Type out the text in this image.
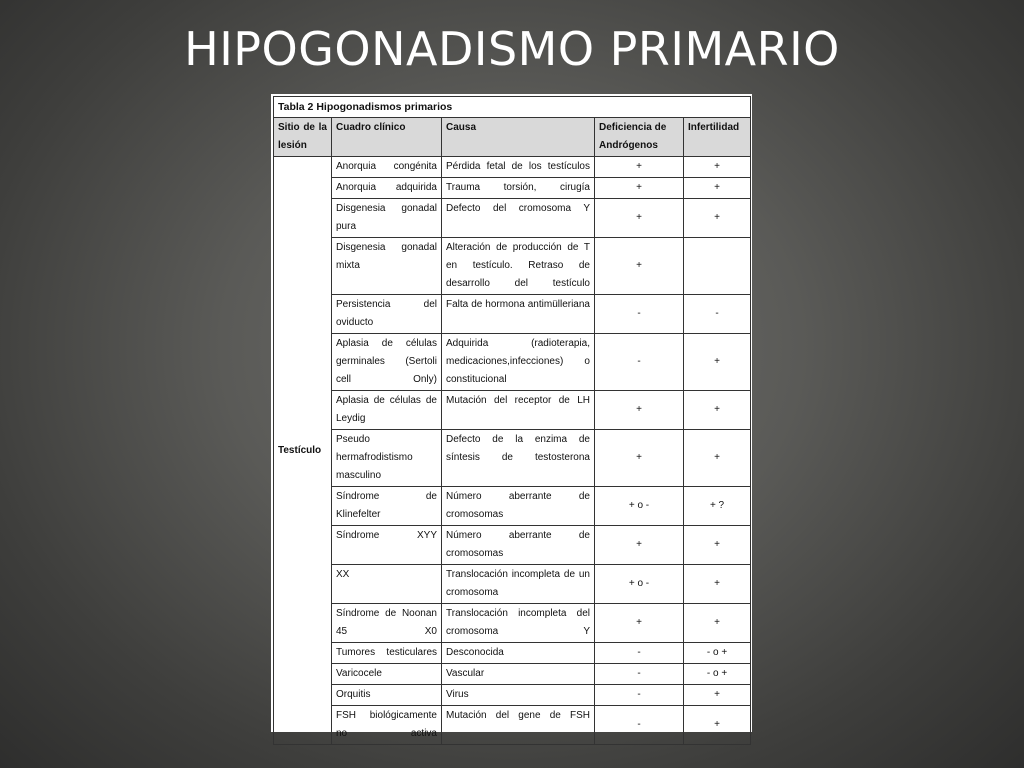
HIPOGONADISMO PRIMARIO
Tabla 2 Hipogonadismos primarios				
Sitio de la lesión	Cuadro clínico	Causa	Deficiencia de Andrógenos	Infertilidad
Testículo	Anorquia congénita	Pérdida fetal de los testículos	+	+
	Anorquia adquirida	Trauma torsión, cirugía	+	+
	Disgenesia gonadal pura	Defecto del cromosoma Y	+	+
	Disgenesia gonadal mixta	Alteración de producción de T en testículo. Retraso de desarrollo del testículo	+	
	Persistencia del oviducto	Falta de hormona antimülleriana	-	-
	Aplasia de células germinales (Sertoli cell Only)	Adquirida (radioterapia, medicaciones,infecciones) o constitucional	-	+
	Aplasia de células de Leydig	Mutación del receptor de LH	+	+
	Pseudo hermafrodistismo masculino	Defecto de la enzima de síntesis de testosterona	+	+
	Síndrome de Klinefelter	Número aberrante de cromosomas	+ o -	+ ?
	Síndrome XYY	Número aberrante de cromosomas	+	+
	XX	Translocación incompleta de un cromosoma	+ o -	+
	Síndrome de Noonan 45 X0	Translocación incompleta del cromosoma Y	+	+
	Tumores testiculares	Desconocida	-	- o +
	Varicocele	Vascular	-	- o +
	Orquitis	Virus	-	+
	FSH biológicamente no activa	Mutación del gene de FSH	-	+
